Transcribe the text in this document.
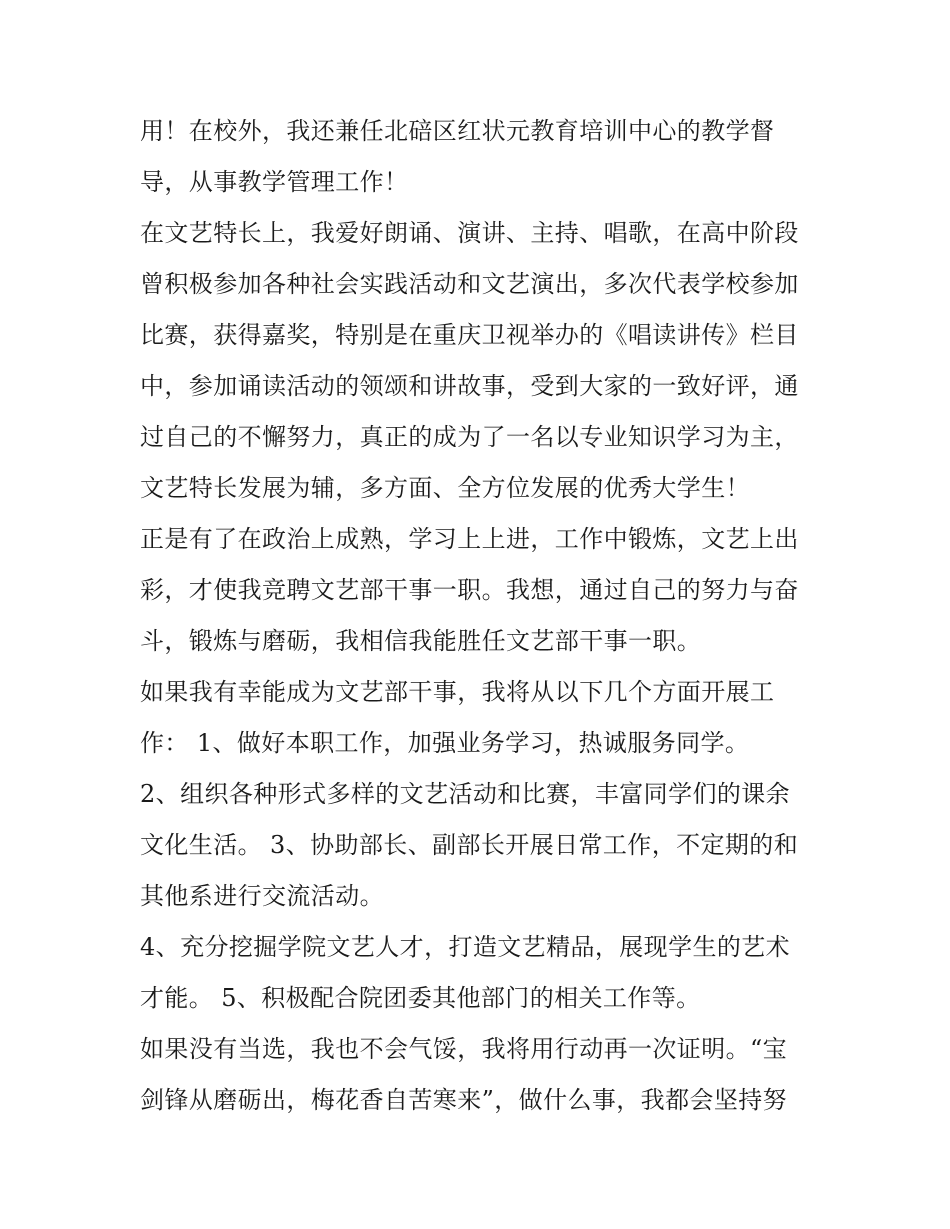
用！在校外，我还兼任北碚区红状元教育培训中心的教学督
导，从事教学管理工作！
在文艺特长上，我爱好朗诵、演讲、主持、唱歌，在高中阶段
曾积极参加各种社会实践活动和文艺演出，多次代表学校参加
比赛，获得嘉奖，特别是在重庆卫视举办的《唱读讲传》栏目
中，参加诵读活动的领颂和讲故事，受到大家的一致好评，通
过自己的不懈努力，真正的成为了一名以专业知识学习为主，
文艺特长发展为辅，多方面、全方位发展的优秀大学生！
正是有了在政治上成熟，学习上上进，工作中锻炼，文艺上出
彩，才使我竞聘文艺部干事一职。我想，通过自己的努力与奋
斗，锻炼与磨砺，我相信我能胜任文艺部干事一职。
如果我有幸能成为文艺部干事，我将从以下几个方面开展工
作： 1、做好本职工作，加强业务学习，热诚服务同学。
2、组织各种形式多样的文艺活动和比赛，丰富同学们的课余
文化生活。 3、协助部长、副部长开展日常工作，不定期的和
其他系进行交流活动。
4、充分挖掘学院文艺人才，打造文艺精品，展现学生的艺术
才能。 5、积极配合院团委其他部门的相关工作等。
如果没有当选，我也不会气馁，我将用行动再一次证明。“宝
剑锋从磨砺出，梅花香自苦寒来”，做什么事，我都会坚持努
